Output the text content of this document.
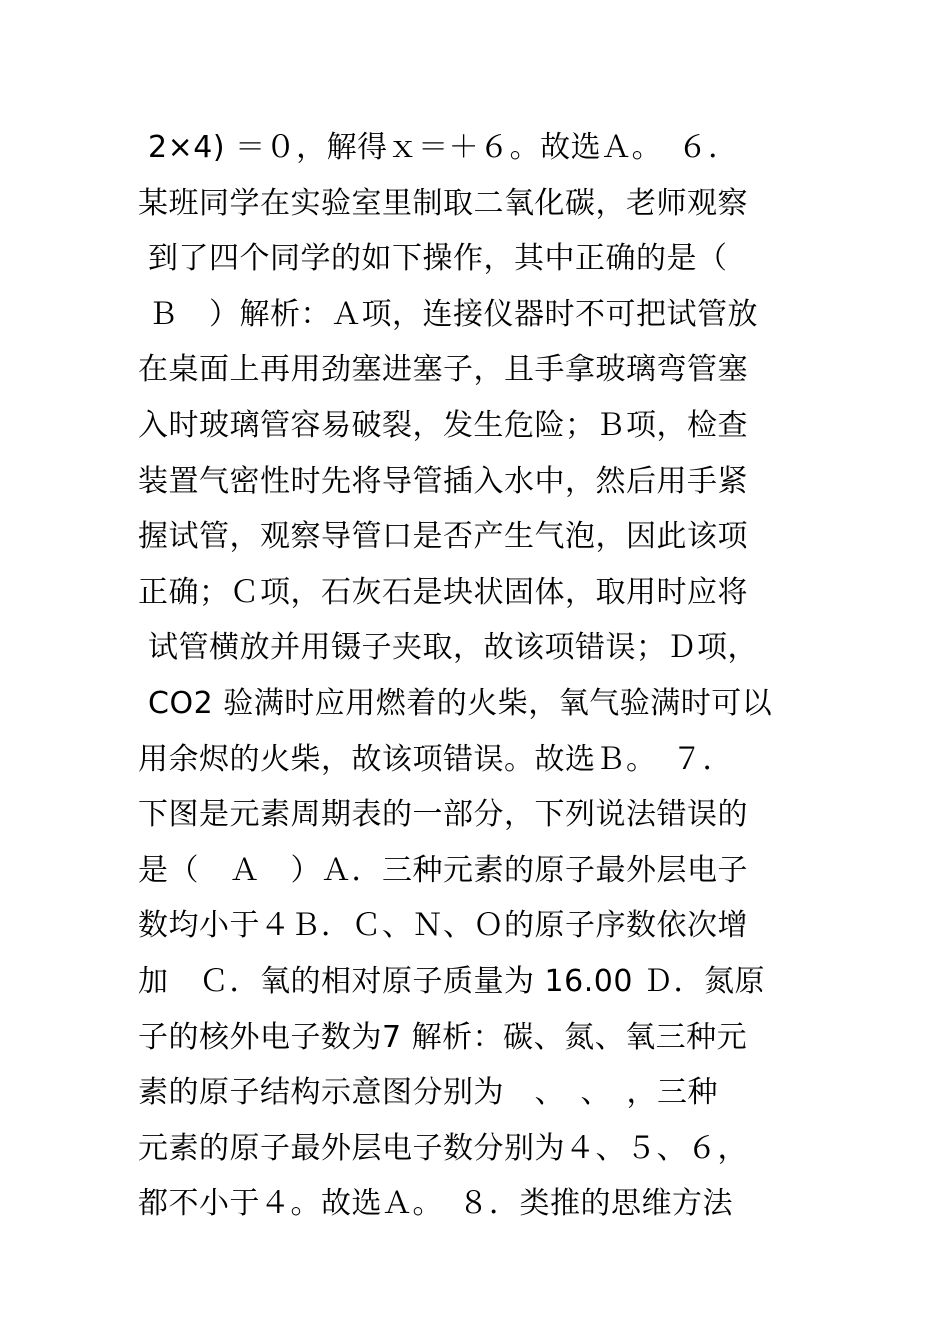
2×4) ＝０，解得ｘ＝＋６。故选Ａ。　６．
某班同学在实验室里制取二氧化碳，老师观察
到了四个同学的如下操作，其中正确的是（
Ｂ　）解析：Ａ项，连接仪器时不可把试管放
在桌面上再用劲塞进塞子，且手拿玻璃弯管塞
入时玻璃管容易破裂，发生危险；Ｂ项，检查
装置气密性时先将导管插入水中，然后用手紧
握试管，观察导管口是否产生气泡，因此该项
正确；Ｃ项，石灰石是块状固体，取用时应将
试管横放并用镊子夹取，故该项错误；Ｄ项，
CO2 验满时应用燃着的火柴，氧气验满时可以
用余烬的火柴，故该项错误。故选Ｂ。　７．
下图是元素周期表的一部分，下列说法错误的
是（　Ａ　）Ａ．三种元素的原子最外层电子
数均小于４Ｂ．Ｃ、Ｎ、Ｏ的原子序数依次增
加　Ｃ．氧的相对原子质量为 16.00 Ｄ．氮原
子的核外电子数为7 解析：碳、氮、氧三种元
素的原子结构示意图分别为　、　、　，三种
元素的原子最外层电子数分别为４、５、６，
都不小于４。故选Ａ。　８．类推的思维方法
